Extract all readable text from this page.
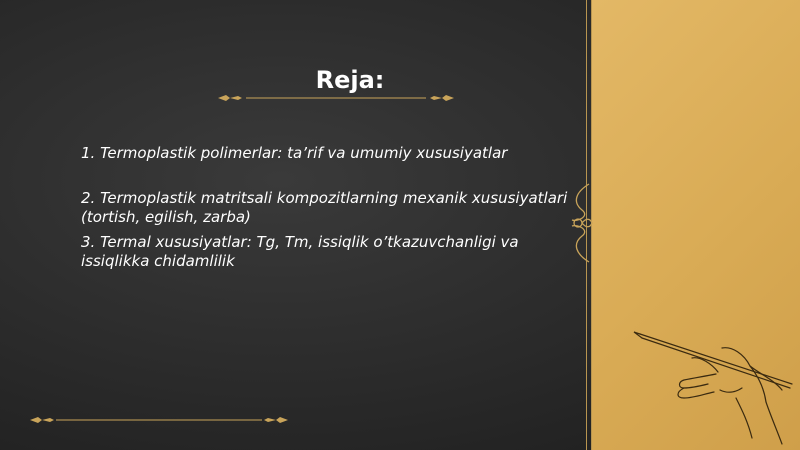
Reja:

1. Termoplastik polimerlar: ta’rif va umumiy xususiyatlar

2. Termoplastik matritsali kompozitlarning mexanik xususiyatlari (tortish, egilish, zarba)

3. Termal xususiyatlar: Tg, Tm, issiqlik o’tkazuvchanligi va issiqlikka chidamlilik
